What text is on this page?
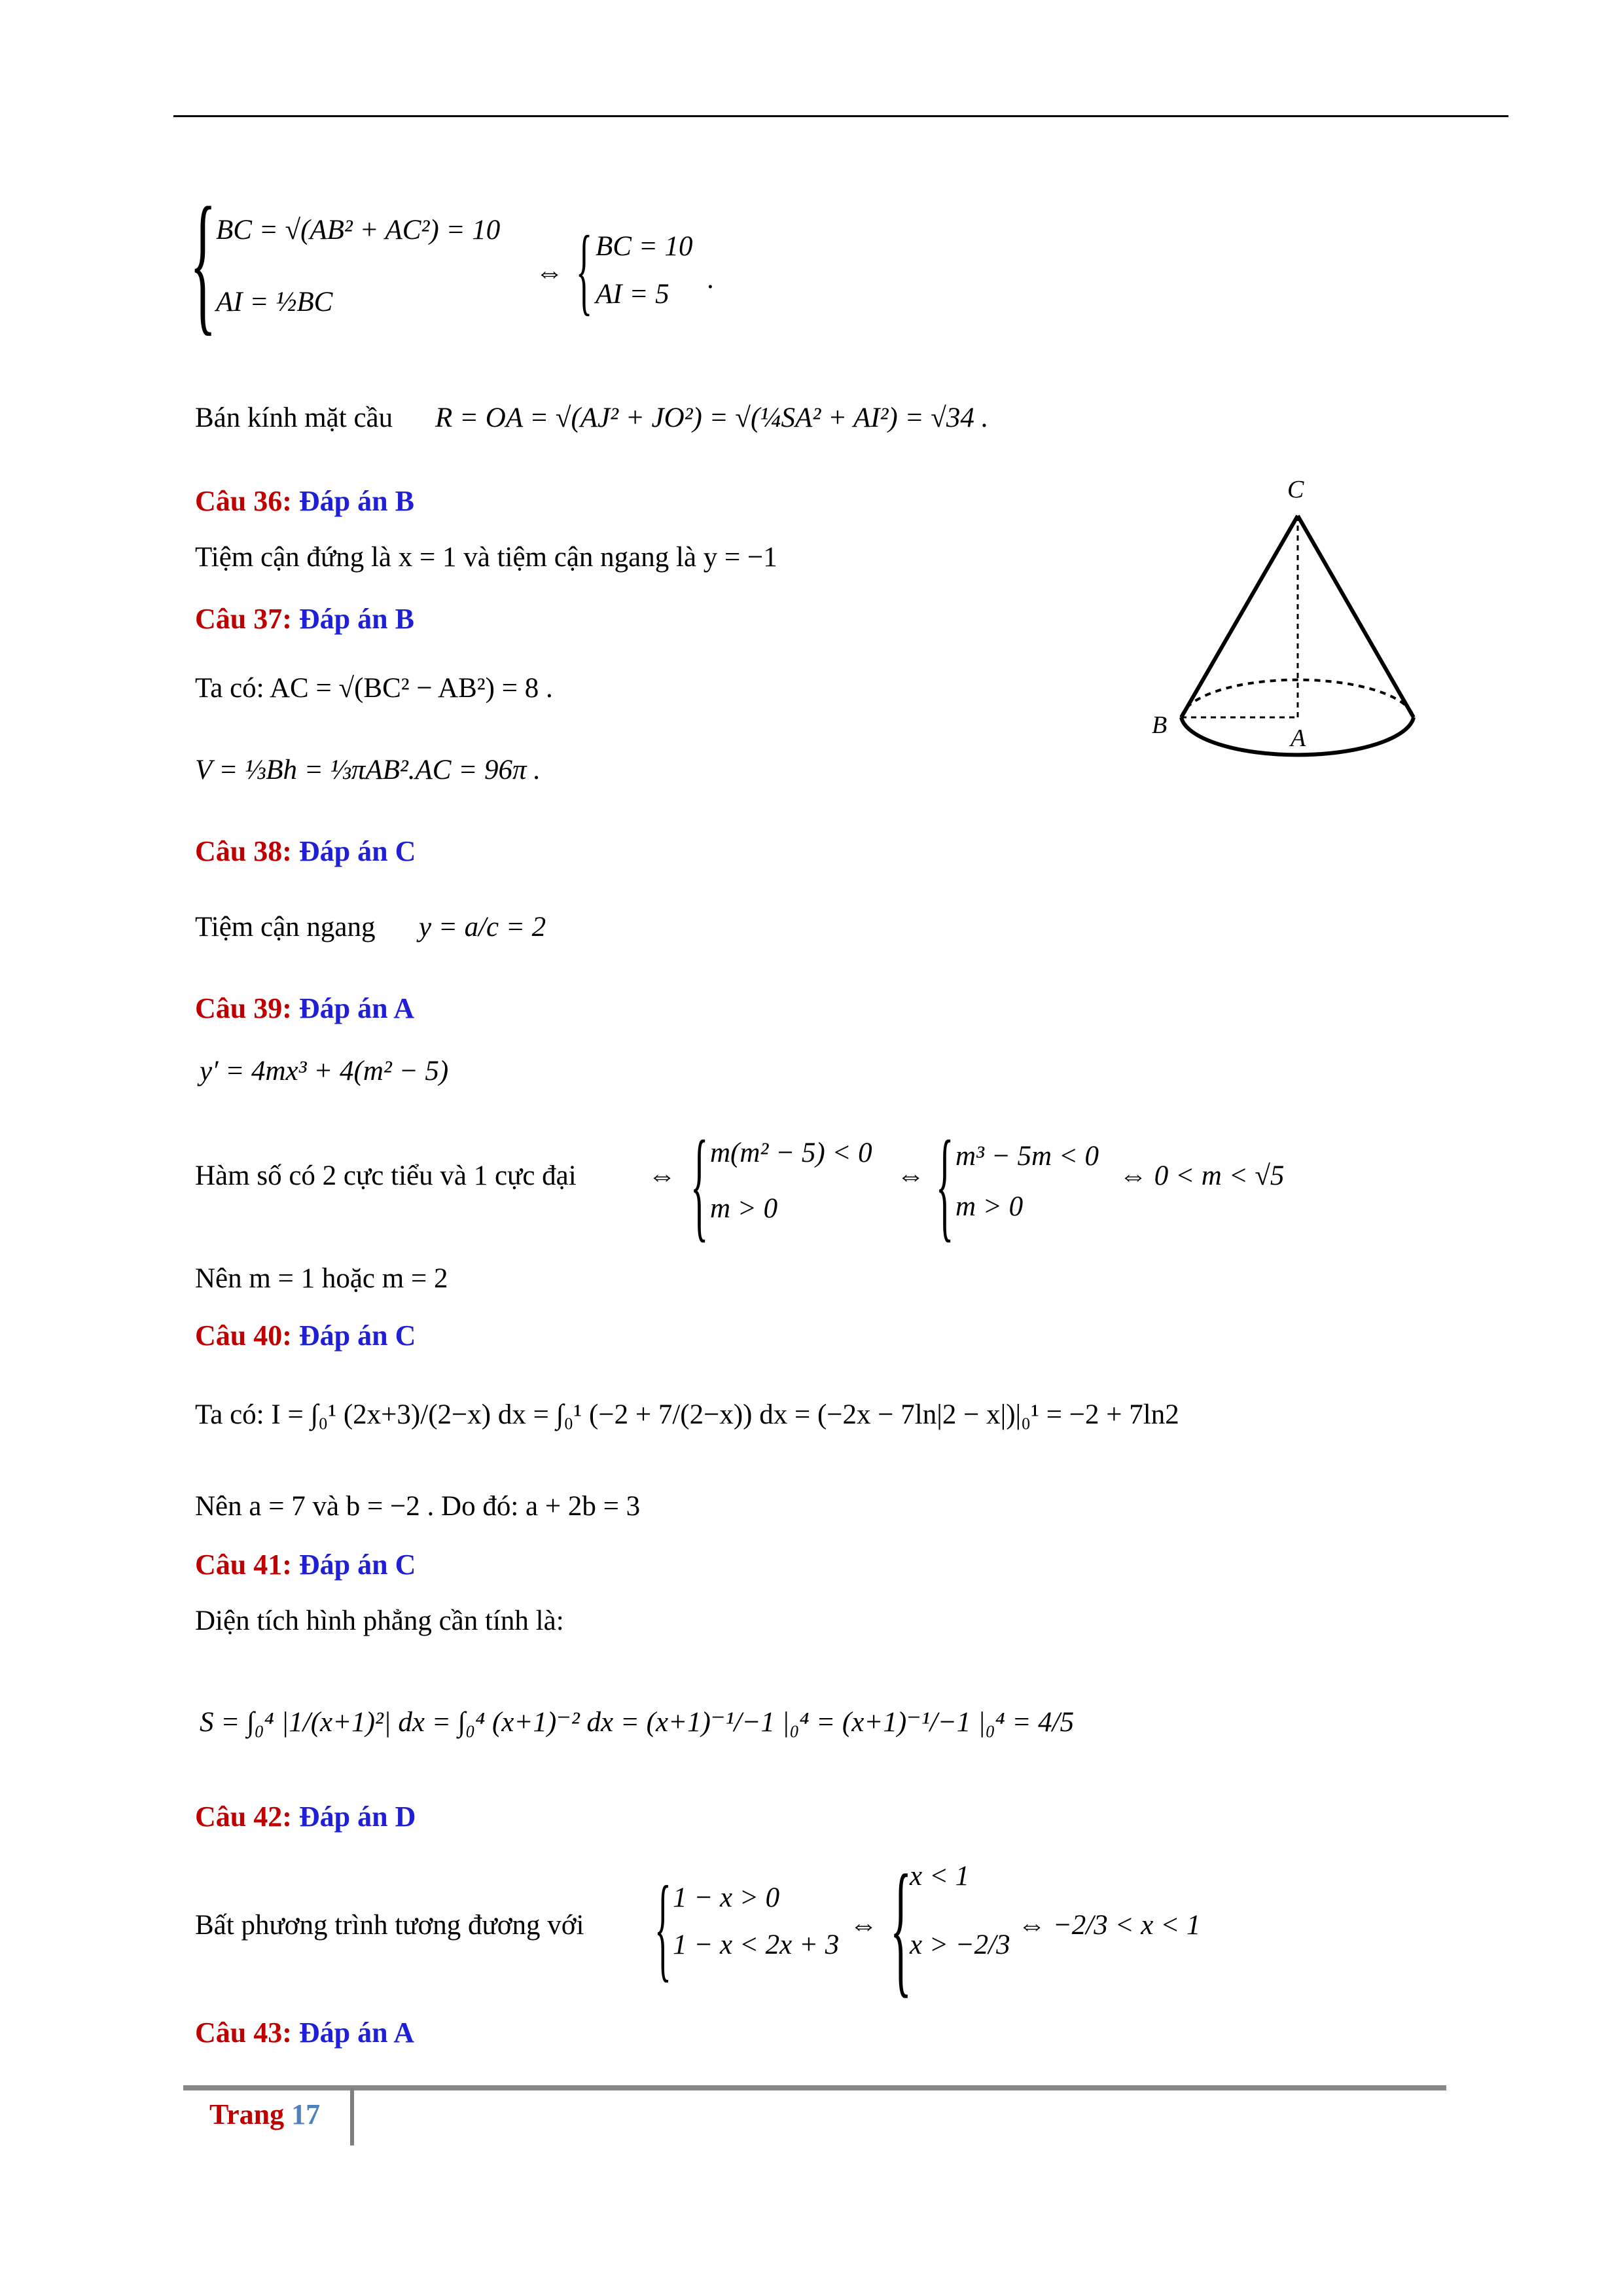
{ BC = √(AB² + AC²) = 10
AI = ½BC
⇔ { BC = 10
AI = 5 .
Bán kính mặt cầu R = OA = √(AJ² + JO²) = √(¼SA² + AI²) = √34 .
Câu 36: Đáp án B
Tiệm cận đứng là x = 1 và tiệm cận ngang là y = −1
Câu 37: Đáp án B
Ta có: AC = √(BC² − AB²) = 8 .
V = ⅓Bh = ⅓πAB².AC = 96π .
C
B	A
Câu 38: Đáp án C
Tiệm cận ngang y = a/c = 2
Câu 39: Đáp án A
y′ = 4mx³ + 4(m² − 5)
Hàm số có 2 cực tiểu và 1 cực đại	⇔ { m(m² − 5) < 0
m > 0
⇔ { m³ − 5m < 0
m > 0
⇔ 0 < m < √5
Nên m = 1 hoặc m = 2
Câu 40: Đáp án C
Ta có: I = ∫₀¹ (2x+3)/(2−x) dx = ∫₀¹ (−2 + 7/(2−x)) dx = (−2x − 7ln|2 − x|)|₀¹ = −2 + 7ln2
Nên a = 7 và b = −2 . Do đó: a + 2b = 3
Câu 41: Đáp án C
Diện tích hình phẳng cần tính là:
S = ∫₀⁴ |1/(x+1)²| dx = ∫₀⁴ (x+1)⁻² dx = (x+1)⁻¹/−1 |₀⁴ = (x+1)⁻¹/−1 |₀⁴ = 4/5
Câu 42: Đáp án D
Bất phương trình tương đương với { 1 − x > 0
1 − x < 2x + 3
⇔ {
x < 1
x > −2/3
⇔ −2/3 < x < 1
Câu 43: Đáp án A
Trang 17
